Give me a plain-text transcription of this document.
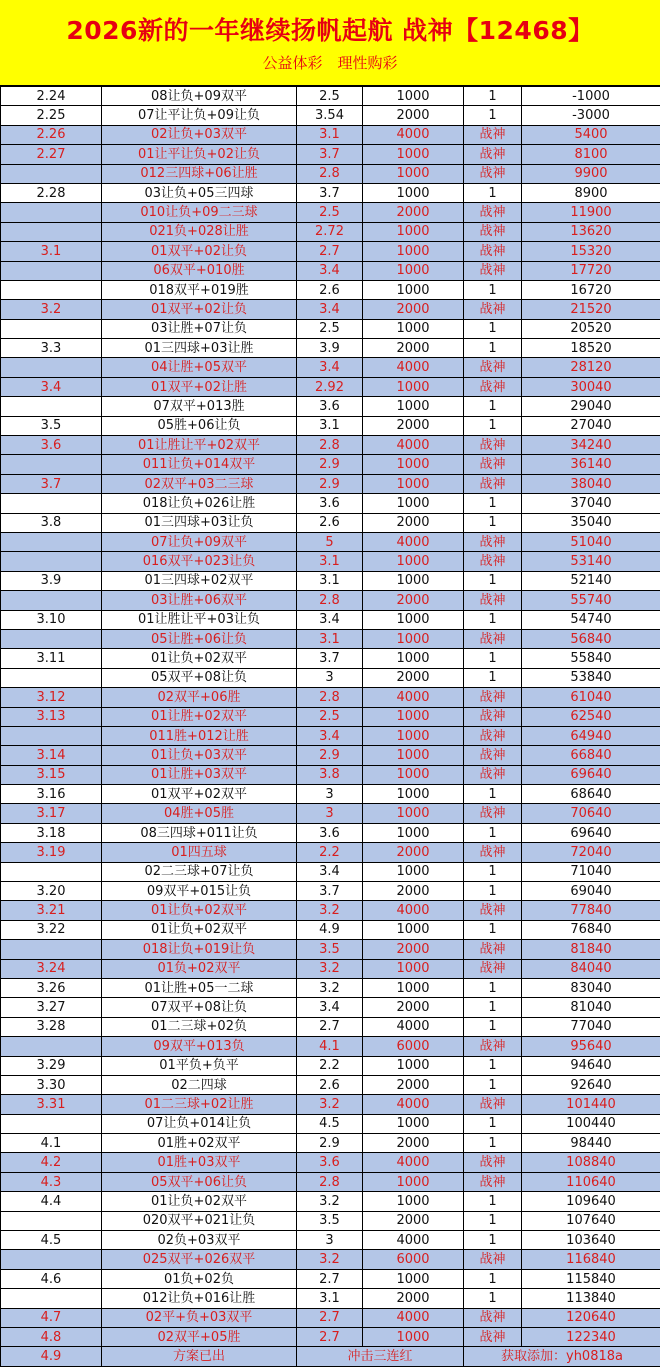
2026新的一年继续扬帆起航 战神【12468】
公益体彩　理性购彩
2.24	08让负+09双平	2.5	1000	1	-1000
2.25	07让平让负+09让负	3.54	2000	1	-3000
2.26	02让负+03双平	3.1	4000	战神	5400
2.27	01让平让负+02让负	3.7	1000	战神	8100
	012三四球+06让胜	2.8	1000	战神	9900
2.28	03让负+05三四球	3.7	1000	1	8900
	010让负+09二三球	2.5	2000	战神	11900
	021负+028让胜	2.72	1000	战神	13620
3.1	01双平+02让负	2.7	1000	战神	15320
	06双平+010胜	3.4	1000	战神	17720
	018双平+019胜	2.6	1000	1	16720
3.2	01双平+02让负	3.4	2000	战神	21520
	03让胜+07让负	2.5	1000	1	20520
3.3	01三四球+03让胜	3.9	2000	1	18520
	04让胜+05双平	3.4	4000	战神	28120
3.4	01双平+02让胜	2.92	1000	战神	30040
	07双平+013胜	3.6	1000	1	29040
3.5	05胜+06让负	3.1	2000	1	27040
3.6	01让胜让平+02双平	2.8	4000	战神	34240
	011让负+014双平	2.9	1000	战神	36140
3.7	02双平+03二三球	2.9	1000	战神	38040
	018让负+026让胜	3.6	1000	1	37040
3.8	01三四球+03让负	2.6	2000	1	35040
	07让负+09双平	5	4000	战神	51040
	016双平+023让负	3.1	1000	战神	53140
3.9	01三四球+02双平	3.1	1000	1	52140
	03让胜+06双平	2.8	2000	战神	55740
3.10	01让胜让平+03让负	3.4	1000	1	54740
	05让胜+06让负	3.1	1000	战神	56840
3.11	01让负+02双平	3.7	1000	1	55840
	05双平+08让负	3	2000	1	53840
3.12	02双平+06胜	2.8	4000	战神	61040
3.13	01让胜+02双平	2.5	1000	战神	62540
	011胜+012让胜	3.4	1000	战神	64940
3.14	01让负+03双平	2.9	1000	战神	66840
3.15	01让胜+03双平	3.8	1000	战神	69640
3.16	01双平+02双平	3	1000	1	68640
3.17	04胜+05胜	3	1000	战神	70640
3.18	08三四球+011让负	3.6	1000	1	69640
3.19	01四五球	2.2	2000	战神	72040
	02二三球+07让负	3.4	1000	1	71040
3.20	09双平+015让负	3.7	2000	1	69040
3.21	01让负+02双平	3.2	4000	战神	77840
3.22	01让负+02双平	4.9	1000	1	76840
	018让负+019让负	3.5	2000	战神	81840
3.24	01负+02双平	3.2	1000	战神	84040
3.26	01让胜+05一二球	3.2	1000	1	83040
3.27	07双平+08让负	3.4	2000	1	81040
3.28	01二三球+02负	2.7	4000	1	77040
	09双平+013负	4.1	6000	战神	95640
3.29	01平负+负平	2.2	1000	1	94640
3.30	02二四球	2.6	2000	1	92640
3.31	01二三球+02让胜	3.2	4000	战神	101440
	07让负+014让负	4.5	1000	1	100440
4.1	01胜+02双平	2.9	2000	1	98440
4.2	01胜+03双平	3.6	4000	战神	108840
4.3	05双平+06让负	2.8	1000	战神	110640
4.4	01让负+02双平	3.2	1000	1	109640
	020双平+021让负	3.5	2000	1	107640
4.5	02负+03双平	3	4000	1	103640
	025双平+026双平	3.2	6000	战神	116840
4.6	01负+02负	2.7	1000	1	115840
	012让负+016让胜	3.1	2000	1	113840
4.7	02平+负+03双平	2.7	4000	战神	120640
4.8	02双平+05胜	2.7	1000	战神	122340
4.9	方案已出	冲击三连红		获取添加：yh0818a	
